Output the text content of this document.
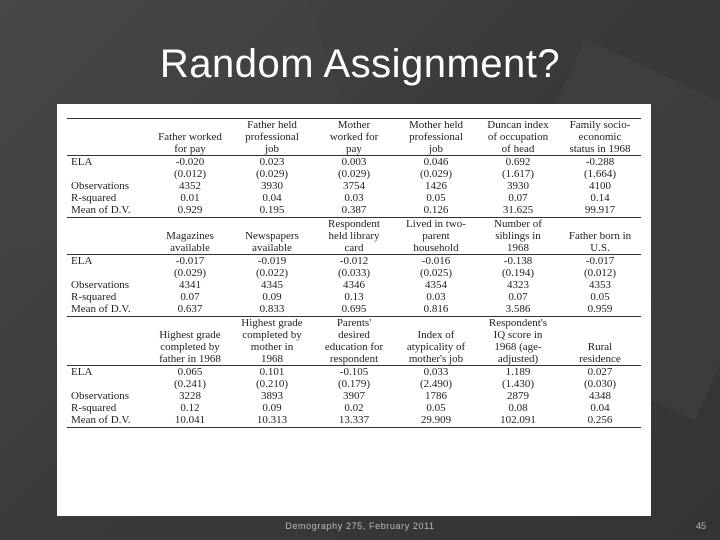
Random Assignment?
		Father held	Mother	Mother held	Duncan index	Family socio-
	Father worked	professional	worked for	professional	of occupation	economic
	for pay	job	pay	job	of head	status in 1968
ELA	-0.020	0.023	0.003	0.046	0.692	-0.288
	(0.012)	(0.029)	(0.029)	(0.029)	(1.617)	(1.664)
Observations	4352	3930	3754	1426	3930	4100
R-squared	0.01	0.04	0.03	0.05	0.07	0.14
Mean of D.V.	0.929	0.195	0.387	0.126	31.625	99.917
			Respondent	Lived in two-	Number of	
	Magazines	Newspapers	held library	parent	siblings in	Father born in
	available	available	card	household	1968	U.S.
ELA	-0.017	-0.019	-0.012	-0.016	-0.138	-0.017
	(0.029)	(0.022)	(0.033)	(0.025)	(0.194)	(0.012)
Observations	4341	4345	4346	4354	4323	4353
R-squared	0.07	0.09	0.13	0.03	0.07	0.05
Mean of D.V.	0.637	0.833	0.695	0.816	3.586	0.959
		Highest grade	Parents'		Respondent's	
	Highest grade	completed by	desired	Index of	IQ score in	
	completed by	mother in	education for	atypicality of	1968 (age-	Rural
	father in 1968	1968	respondent	mother's job	adjusted)	residence
ELA	0.065	0.101	-0.105	0.033	1.189	0.027
	(0.241)	(0.210)	(0.179)	(2.490)	(1.430)	(0.030)
Observations	3228	3893	3907	1786	2879	4348
R-squared	0.12	0.09	0.02	0.05	0.08	0.04
Mean of D.V.	10.041	10.313	13.337	29.909	102.091	0.256

Demography 275, February 2011	45
